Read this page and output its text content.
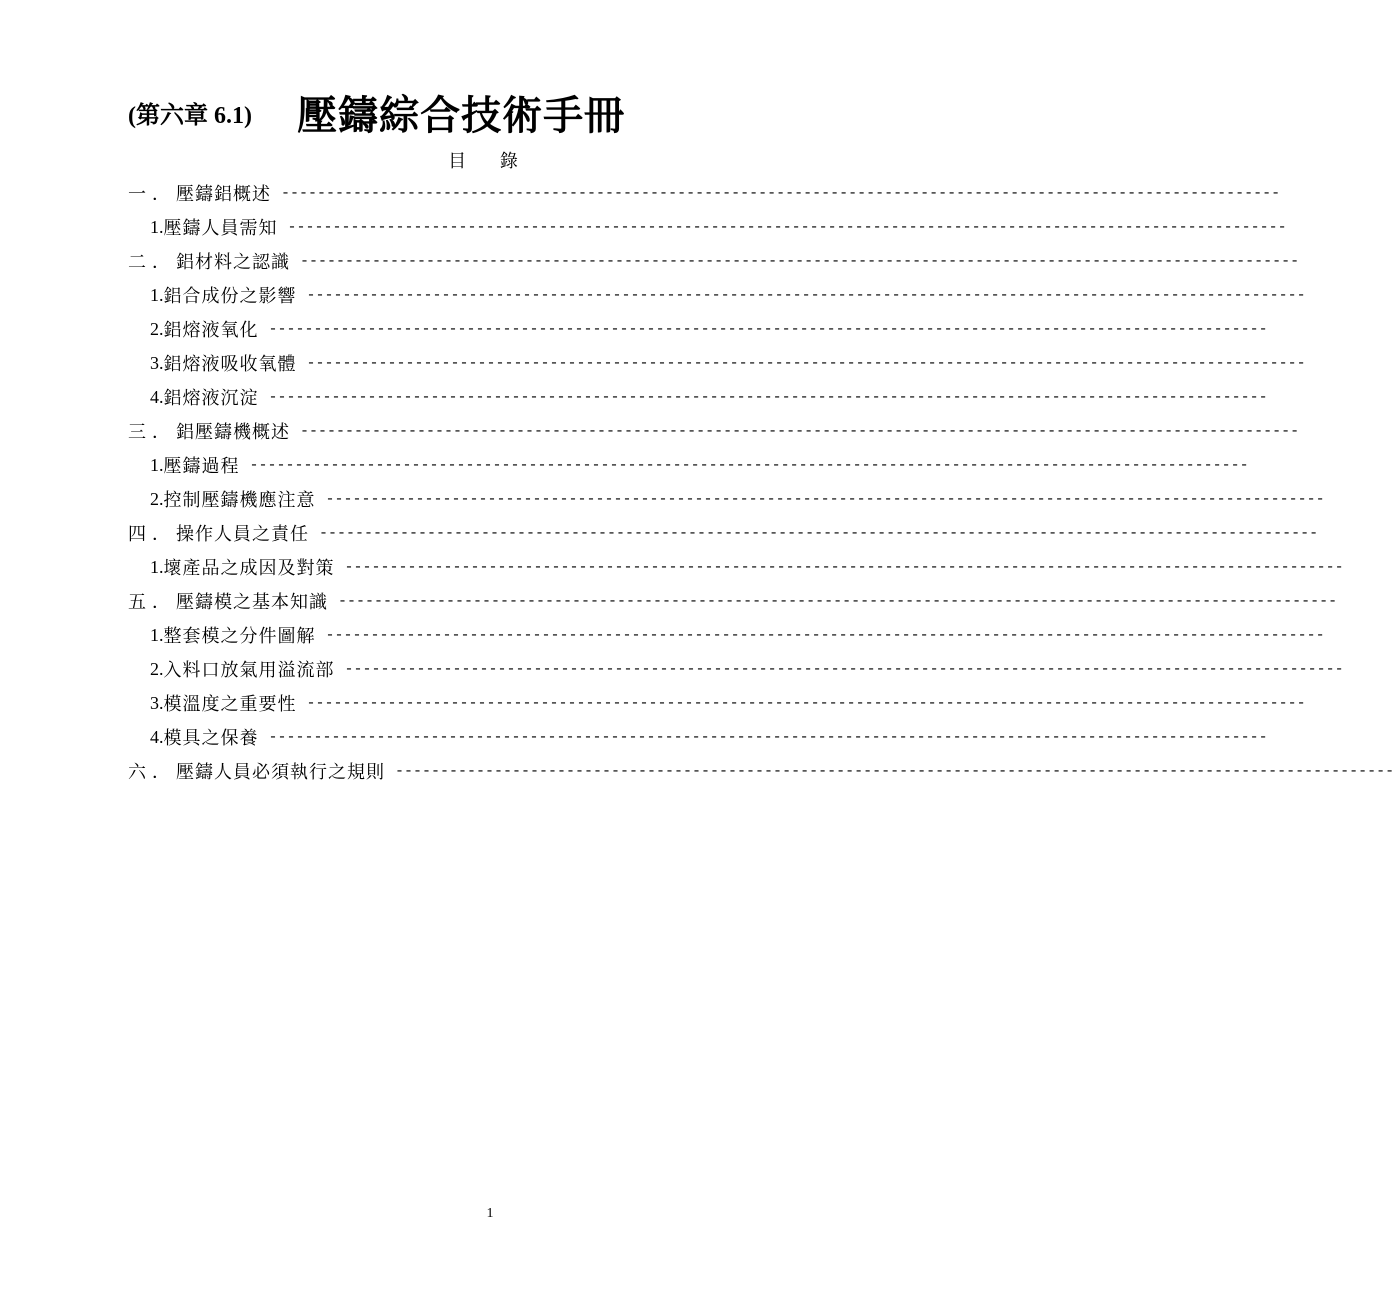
(第六章 6.1) 壓鑄綜合技術手冊
目 錄
一． 壓鑄鋁概述 ---------------------------------------------------------------------------------------------------------------
1. 壓鑄人員需知 ---------------------------------------------------------------------------------------------------------------
二． 鋁材料之認識 ---------------------------------------------------------------------------------------------------------------
1. 鋁合成份之影響 ---------------------------------------------------------------------------------------------------------------
2. 鋁熔液氧化 ---------------------------------------------------------------------------------------------------------------
3. 鋁熔液吸收氧體 ---------------------------------------------------------------------------------------------------------------
4. 鋁熔液沉淀 ---------------------------------------------------------------------------------------------------------------
三． 鋁壓鑄機概述 ---------------------------------------------------------------------------------------------------------------
1. 壓鑄過程 ---------------------------------------------------------------------------------------------------------------
2. 控制壓鑄機應注意 ---------------------------------------------------------------------------------------------------------------
四． 操作人員之責任 ---------------------------------------------------------------------------------------------------------------
1. 壞產品之成因及對策 ---------------------------------------------------------------------------------------------------------------
五． 壓鑄模之基本知識 ---------------------------------------------------------------------------------------------------------------
1. 整套模之分件圖解 ---------------------------------------------------------------------------------------------------------------
2. 入料口放氣用溢流部 ---------------------------------------------------------------------------------------------------------------
3. 模溫度之重要性 ---------------------------------------------------------------------------------------------------------------
4. 模具之保養 ---------------------------------------------------------------------------------------------------------------
六． 壓鑄人員必須執行之規則 ---------------------------------------------------------------------------------------------------------------
1
